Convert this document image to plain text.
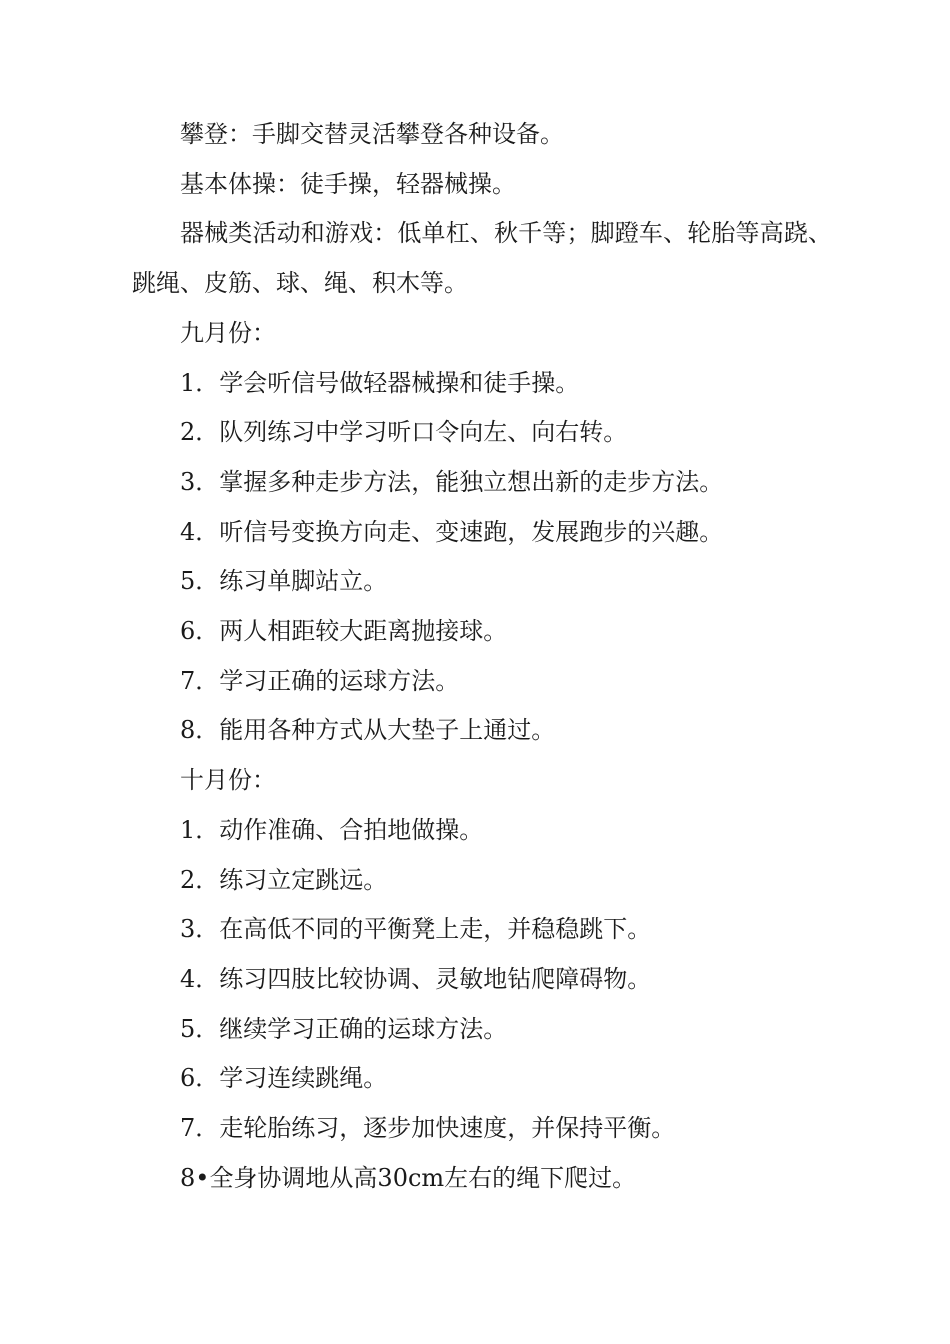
攀登：手脚交替灵活攀登各种设备。

基本体操：徒手操，轻器械操。

器械类活动和游戏：低单杠、秋千等；脚蹬车、轮胎等高跷、跳绳、皮筋、球、绳、积木等。

九月份：

1．学会听信号做轻器械操和徒手操。

2．队列练习中学习听口令向左、向右转。

3．掌握多种走步方法，能独立想出新的走步方法。

4．听信号变换方向走、变速跑，发展跑步的兴趣。

5．练习单脚站立。

6．两人相距较大距离抛接球。

7．学习正确的运球方法。

8．能用各种方式从大垫子上通过。

十月份：

1．动作准确、合拍地做操。

2．练习立定跳远。

3．在高低不同的平衡凳上走，并稳稳跳下。

4．练习四肢比较协调、灵敏地钻爬障碍物。

5．继续学习正确的运球方法。

6．学习连续跳绳。

7．走轮胎练习，逐步加快速度，并保持平衡。

8•全身协调地从高30cm左右的绳下爬过。
